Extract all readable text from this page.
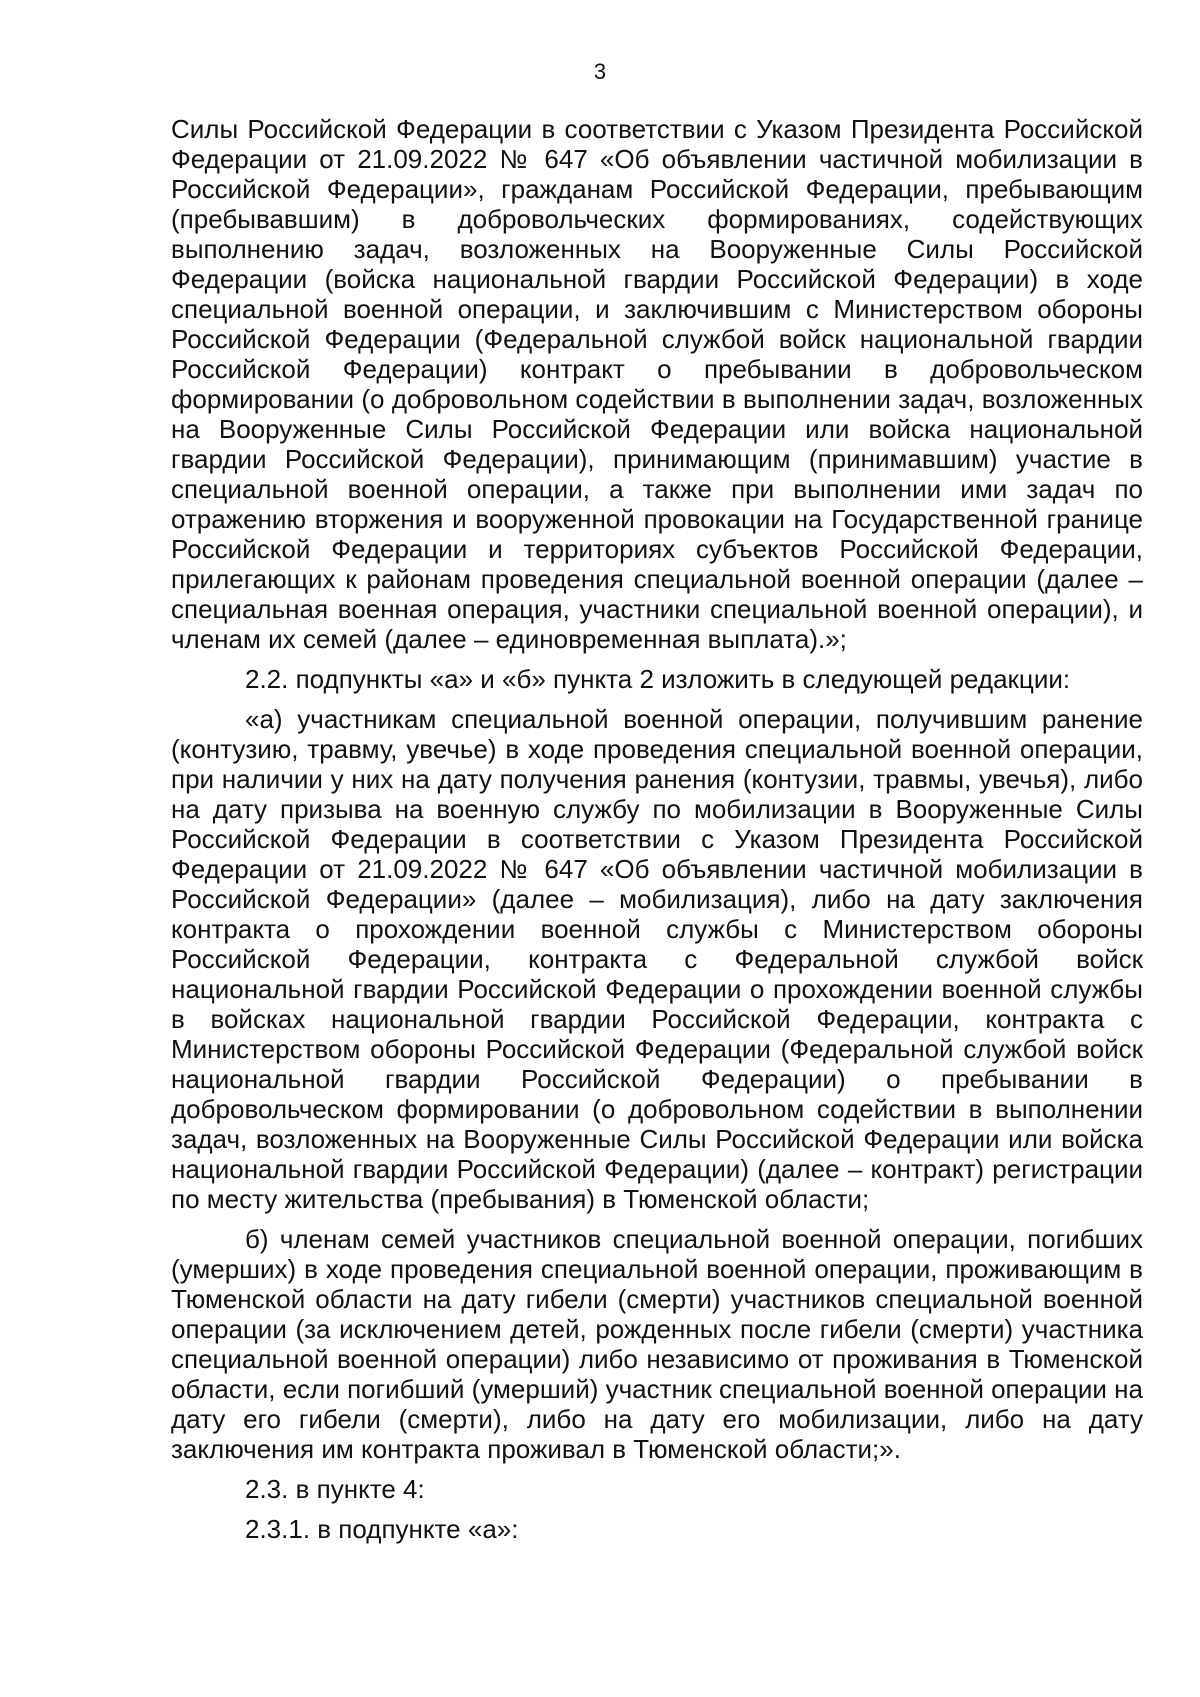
3

Силы Российской Федерации в соответствии с Указом Президента Российской Федерации от 21.09.2022 № 647 «Об объявлении частичной мобилизации в Российской Федерации», гражданам Российской Федерации, пребывающим (пребывавшим) в добровольческих формированиях, содействующих выполнению задач, возложенных на Вооруженные Силы Российской Федерации (войска национальной гвардии Российской Федерации) в ходе специальной военной операции, и заключившим с Министерством обороны Российской Федерации (Федеральной службой войск национальной гвардии Российской Федерации) контракт о пребывании в добровольческом формировании (о добровольном содействии в выполнении задач, возложенных на Вооруженные Силы Российской Федерации или войска национальной гвардии Российской Федерации), принимающим (принимавшим) участие в специальной военной операции, а также при выполнении ими задач по отражению вторжения и вооруженной провокации на Государственной границе Российской Федерации и территориях субъектов Российской Федерации, прилегающих к районам проведения специальной военной операции (далее – специальная военная операция, участники специальной военной операции), и членам их семей (далее – единовременная выплата).»;

2.2. подпункты «а» и «б» пункта 2 изложить в следующей редакции:

«а) участникам специальной военной операции, получившим ранение (контузию, травму, увечье) в ходе проведения специальной военной операции, при наличии у них на дату получения ранения (контузии, травмы, увечья), либо на дату призыва на военную службу по мобилизации в Вооруженные Силы Российской Федерации в соответствии с Указом Президента Российской Федерации от 21.09.2022 № 647 «Об объявлении частичной мобилизации в Российской Федерации» (далее – мобилизация), либо на дату заключения контракта о прохождении военной службы с Министерством обороны Российской Федерации, контракта с Федеральной службой войск национальной гвардии Российской Федерации о прохождении военной службы в войсках национальной гвардии Российской Федерации, контракта с Министерством обороны Российской Федерации (Федеральной службой войск национальной гвардии Российской Федерации) о пребывании в добровольческом формировании (о добровольном содействии в выполнении задач, возложенных на Вооруженные Силы Российской Федерации или войска национальной гвардии Российской Федерации) (далее – контракт) регистрации по месту жительства (пребывания) в Тюменской области;

б) членам семей участников специальной военной операции, погибших (умерших) в ходе проведения специальной военной операции, проживающим в Тюменской области на дату гибели (смерти) участников специальной военной операции (за исключением детей, рожденных после гибели (смерти) участника специальной военной операции) либо независимо от проживания в Тюменской области, если погибший (умерший) участник специальной военной операции на дату его гибели (смерти), либо на дату его мобилизации, либо на дату заключения им контракта проживал в Тюменской области;».

2.3. в пункте 4:

2.3.1. в подпункте «а»:
